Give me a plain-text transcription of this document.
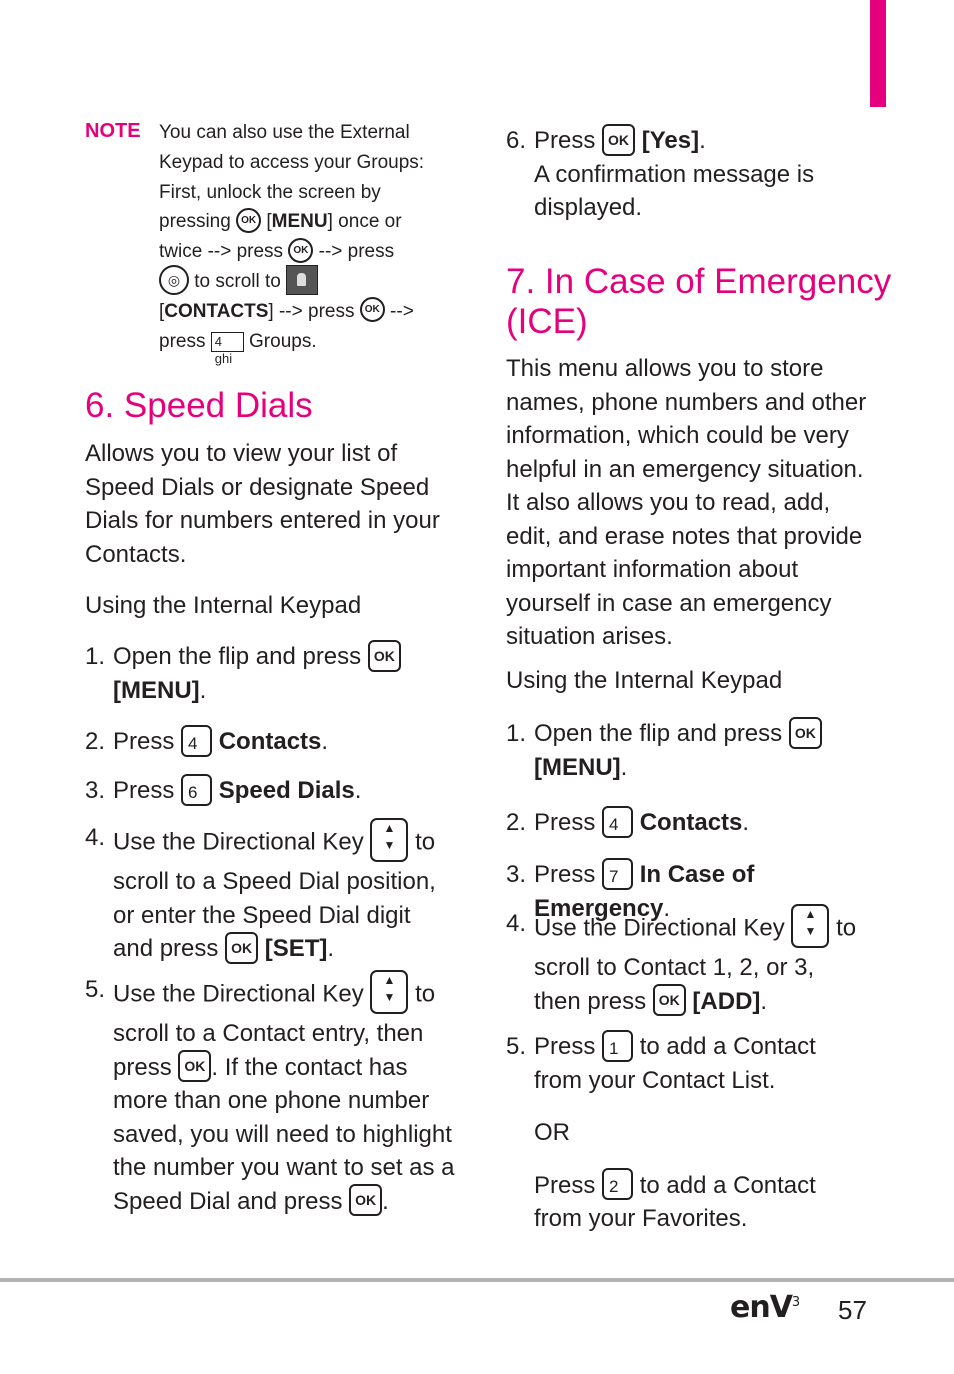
NOTE You can also use the External
Keypad to access your Groups:
First, unlock the screen by
pressing OK [MENU] once or
twice --> press OK --> press
◎ to scroll to
[CONTACTS] --> press OK -->
press 4 ghi Groups.
6. Speed Dials
Allows you to view your list of
Speed Dials or designate Speed
Dials for numbers entered in your
Contacts.
Using the Internal Keypad
1. Open the flip and press OK
[MENU].
2. Press 4 Contacts.
3. Press 6 Speed Dials.
4. Use the Directional Key ▲
▼ to
scroll to a Speed Dial position,
or enter the Speed Dial digit
and press OK [SET].
5. Use the Directional Key ▲
▼ to
scroll to a Contact entry, then
press OK . If the contact has
more than one phone number
saved, you will need to highlight
the number you want to set as a
Speed Dial and press OK .
6. Press OK [Yes].
A confirmation message is
displayed.
7. In Case of Emergency
(ICE)
This menu allows you to store
names, phone numbers and other
information, which could be very
helpful in an emergency situation.
It also allows you to read, add,
edit, and erase notes that provide
important information about
yourself in case an emergency
situation arises.
Using the Internal Keypad
1. Open the flip and press OK
[MENU].
2. Press 4 Contacts.
3. Press 7 In Case of Emergency.
4. Use the Directional Key ▲
▼ to
scroll to Contact 1, 2, or 3,
then press OK [ADD].
5. Press 1 to add a Contact
from your Contact List.
OR
Press 2 to add a Contact
from your Favorites.
enV$^3$ 57
